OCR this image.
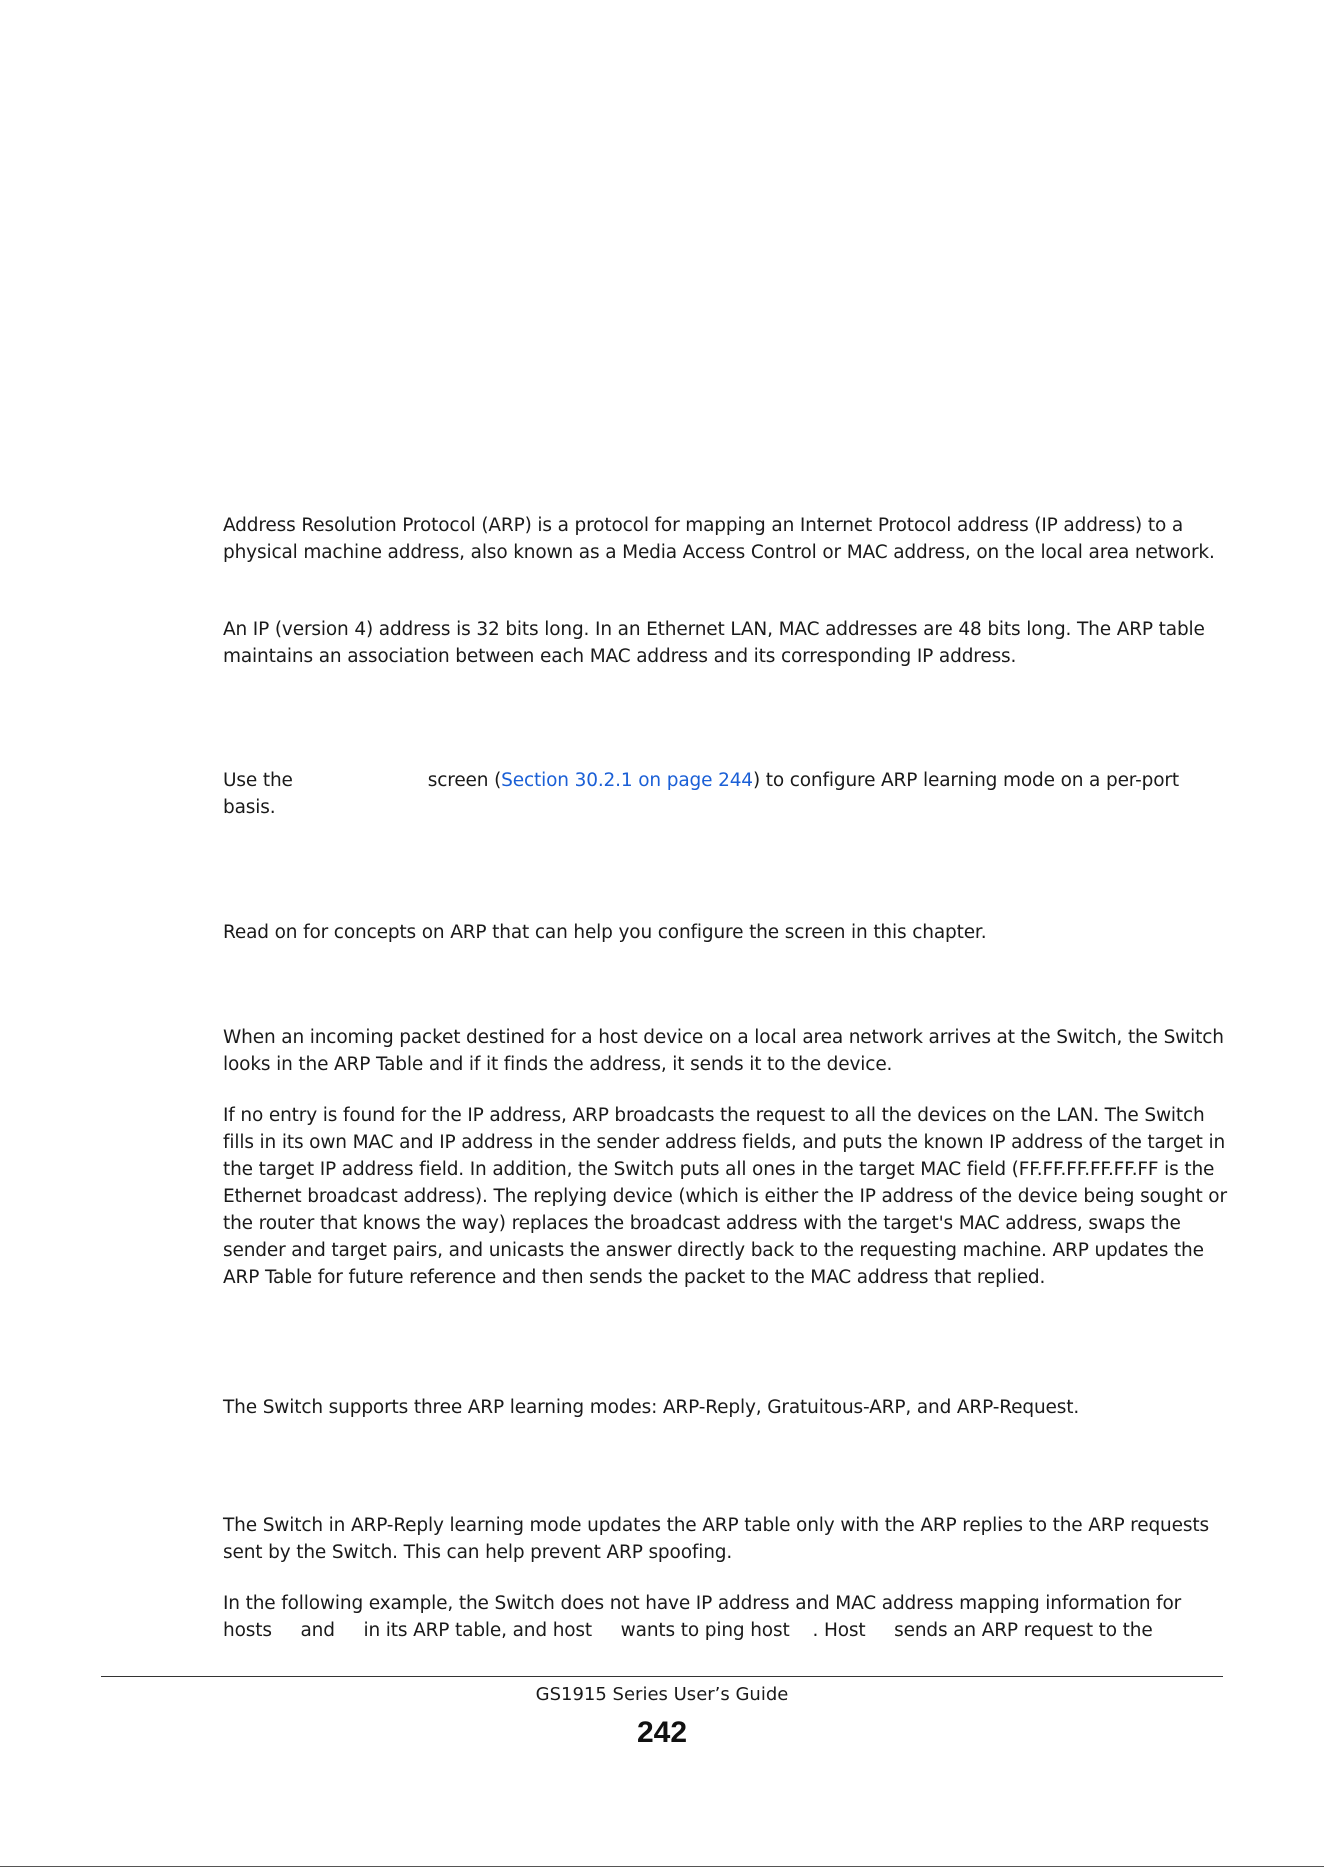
Address Resolution Protocol (ARP) is a protocol for mapping an Internet Protocol address (IP address) to a physical machine address, also known as a Media Access Control or MAC address, on the local area network.

An IP (version 4) address is 32 bits long. In an Ethernet LAN, MAC addresses are 48 bits long. The ARP table maintains an association between each MAC address and its corresponding IP address.

Use the	screen (Section 30.2.1 on page 244) to configure ARP learning mode on a per-port basis.

Read on for concepts on ARP that can help you configure the screen in this chapter.

When an incoming packet destined for a host device on a local area network arrives at the Switch, the Switch looks in the ARP Table and if it finds the address, it sends it to the device.

If no entry is found for the IP address, ARP broadcasts the request to all the devices on the LAN. The Switch fills in its own MAC and IP address in the sender address fields, and puts the known IP address of the target in the target IP address field. In addition, the Switch puts all ones in the target MAC field (FF.FF.FF.FF.FF.FF is the Ethernet broadcast address). The replying device (which is either the IP address of the device being sought or the router that knows the way) replaces the broadcast address with the target's MAC address, swaps the sender and target pairs, and unicasts the answer directly back to the requesting machine. ARP updates the ARP Table for future reference and then sends the packet to the MAC address that replied.

The Switch supports three ARP learning modes: ARP-Reply, Gratuitous-ARP, and ARP-Request.

The Switch in ARP-Reply learning mode updates the ARP table only with the ARP replies to the ARP requests sent by the Switch. This can help prevent ARP spoofing.

In the following example, the Switch does not have IP address and MAC address mapping information for hosts     and     in its ARP table, and host     wants to ping host    . Host     sends an ARP request to the

GS1915 Series User’s Guide
242
